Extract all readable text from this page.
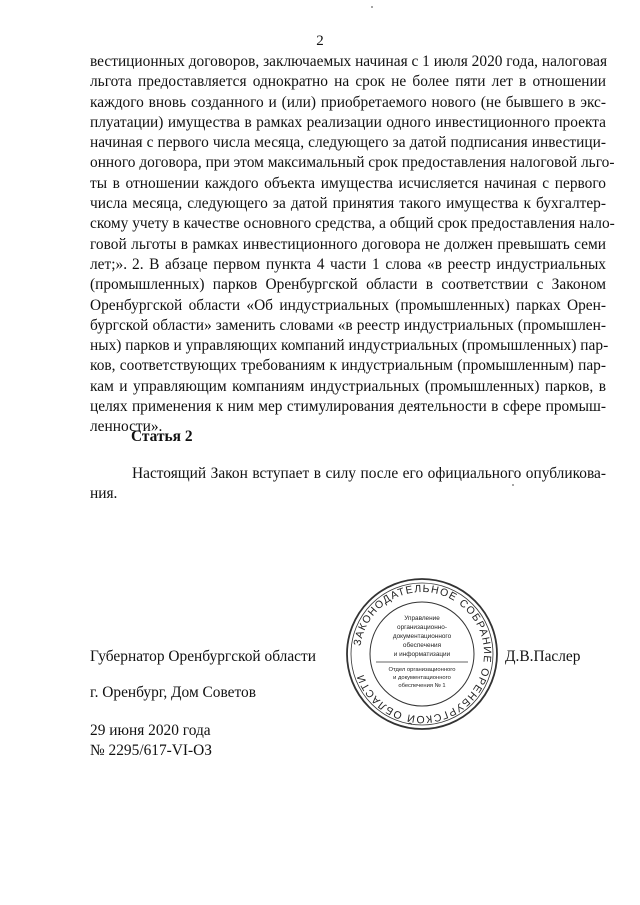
2
вестиционных договоров, заключаемых начиная с 1 июля 2020 года, налоговая
льгота предоставляется однократно на срок не более пяти лет в отношении
каждого вновь созданного и (или) приобретаемого нового (не бывшего в экс-
плуатации) имущества в рамках реализации одного инвестиционного проекта
начиная с первого числа месяца, следующего за датой подписания инвестици-
онного договора, при этом максимальный срок предоставления налоговой льго-
ты в отношении каждого объекта имущества исчисляется начиная с первого
числа месяца, следующего за датой принятия такого имущества к бухгалтер-
скому учету в качестве основного средства, а общий срок предоставления нало-
говой льготы в рамках инвестиционного договора не должен превышать семи
лет;». 2. В абзаце первом пункта 4 части 1 слова «в реестр индустриальных
(промышленных) парков Оренбургской области в соответствии с Законом
Оренбургской области «Об индустриальных (промышленных) парках Орен-
бургской области» заменить словами «в реестр индустриальных (промышлен-
ных) парков и управляющих компаний индустриальных (промышленных) пар-
ков, соответствующих требованиям к индустриальным (промышленным) пар-
кам и управляющим компаниям индустриальных (промышленных) парков, в
целях применения к ним мер стимулирования деятельности в сфере промыш-
ленности».
Статья 2
Настоящий Закон вступает в силу после его официального опубликова-
ния.
Губернатор Оренбургской области	Д.В.Паслер
г. Оренбург, Дом Советов
29 июня 2020 года
№ 2295/617-VI-ОЗ
ЗАКОНОДАТЕЛЬНОЕ СОБРАНИЕ ОРЕНБУРГСКОЙ ОБЛАСТИ
Управление
организационно-
документационного
обеспечения
и информатизации
Отдел организационного
и документационного
обеспечения № 1
